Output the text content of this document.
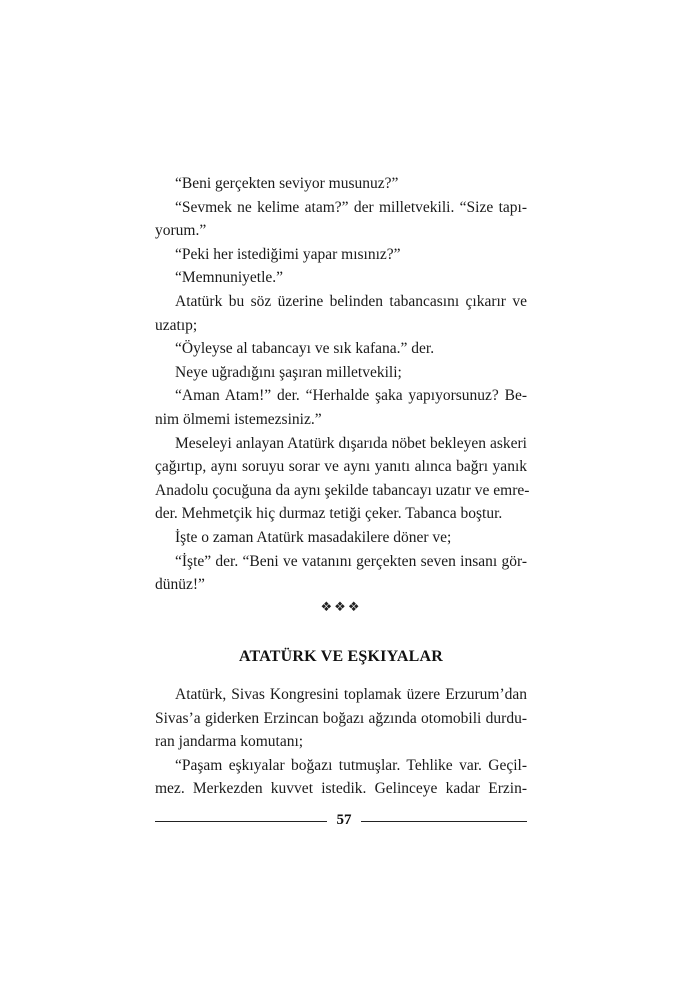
“Beni gerçekten seviyor musunuz?”
“Sevmek ne kelime atam?” der milletvekili. “Size tapı-
yorum.”
“Peki her istediğimi yapar mısınız?”
“Memnuniyetle.”
Atatürk bu söz üzerine belinden tabancasını çıkarır ve
uzatıp;
“Öyleyse al tabancayı ve sık kafana.” der.
Neye uğradığını şaşıran milletvekili;
“Aman Atam!” der. “Herhalde şaka yapıyorsunuz? Be-
nim ölmemi istemezsiniz.”
Meseleyi anlayan Atatürk dışarıda nöbet bekleyen askeri
çağırtıp, aynı soruyu sorar ve aynı yanıtı alınca bağrı yanık
Anadolu çocuğuna da aynı şekilde tabancayı uzatır ve emre-
der. Mehmetçik hiç durmaz tetiği çeker. Tabanca boştur.
İşte o zaman Atatürk masadakilere döner ve;
“İşte” der. “Beni ve vatanını gerçekten seven insanı gör-
dünüz!”
❖❖❖
ATATÜRK VE EŞKIYALAR
Atatürk, Sivas Kongresini toplamak üzere Erzurum’dan
Sivas’a giderken Erzincan boğazı ağzında otomobili durdu-
ran jandarma komutanı;
“Paşam eşkıyalar boğazı tutmuşlar. Tehlike var. Geçil-
mez. Merkezden kuvvet istedik. Gelinceye kadar Erzin-
57
